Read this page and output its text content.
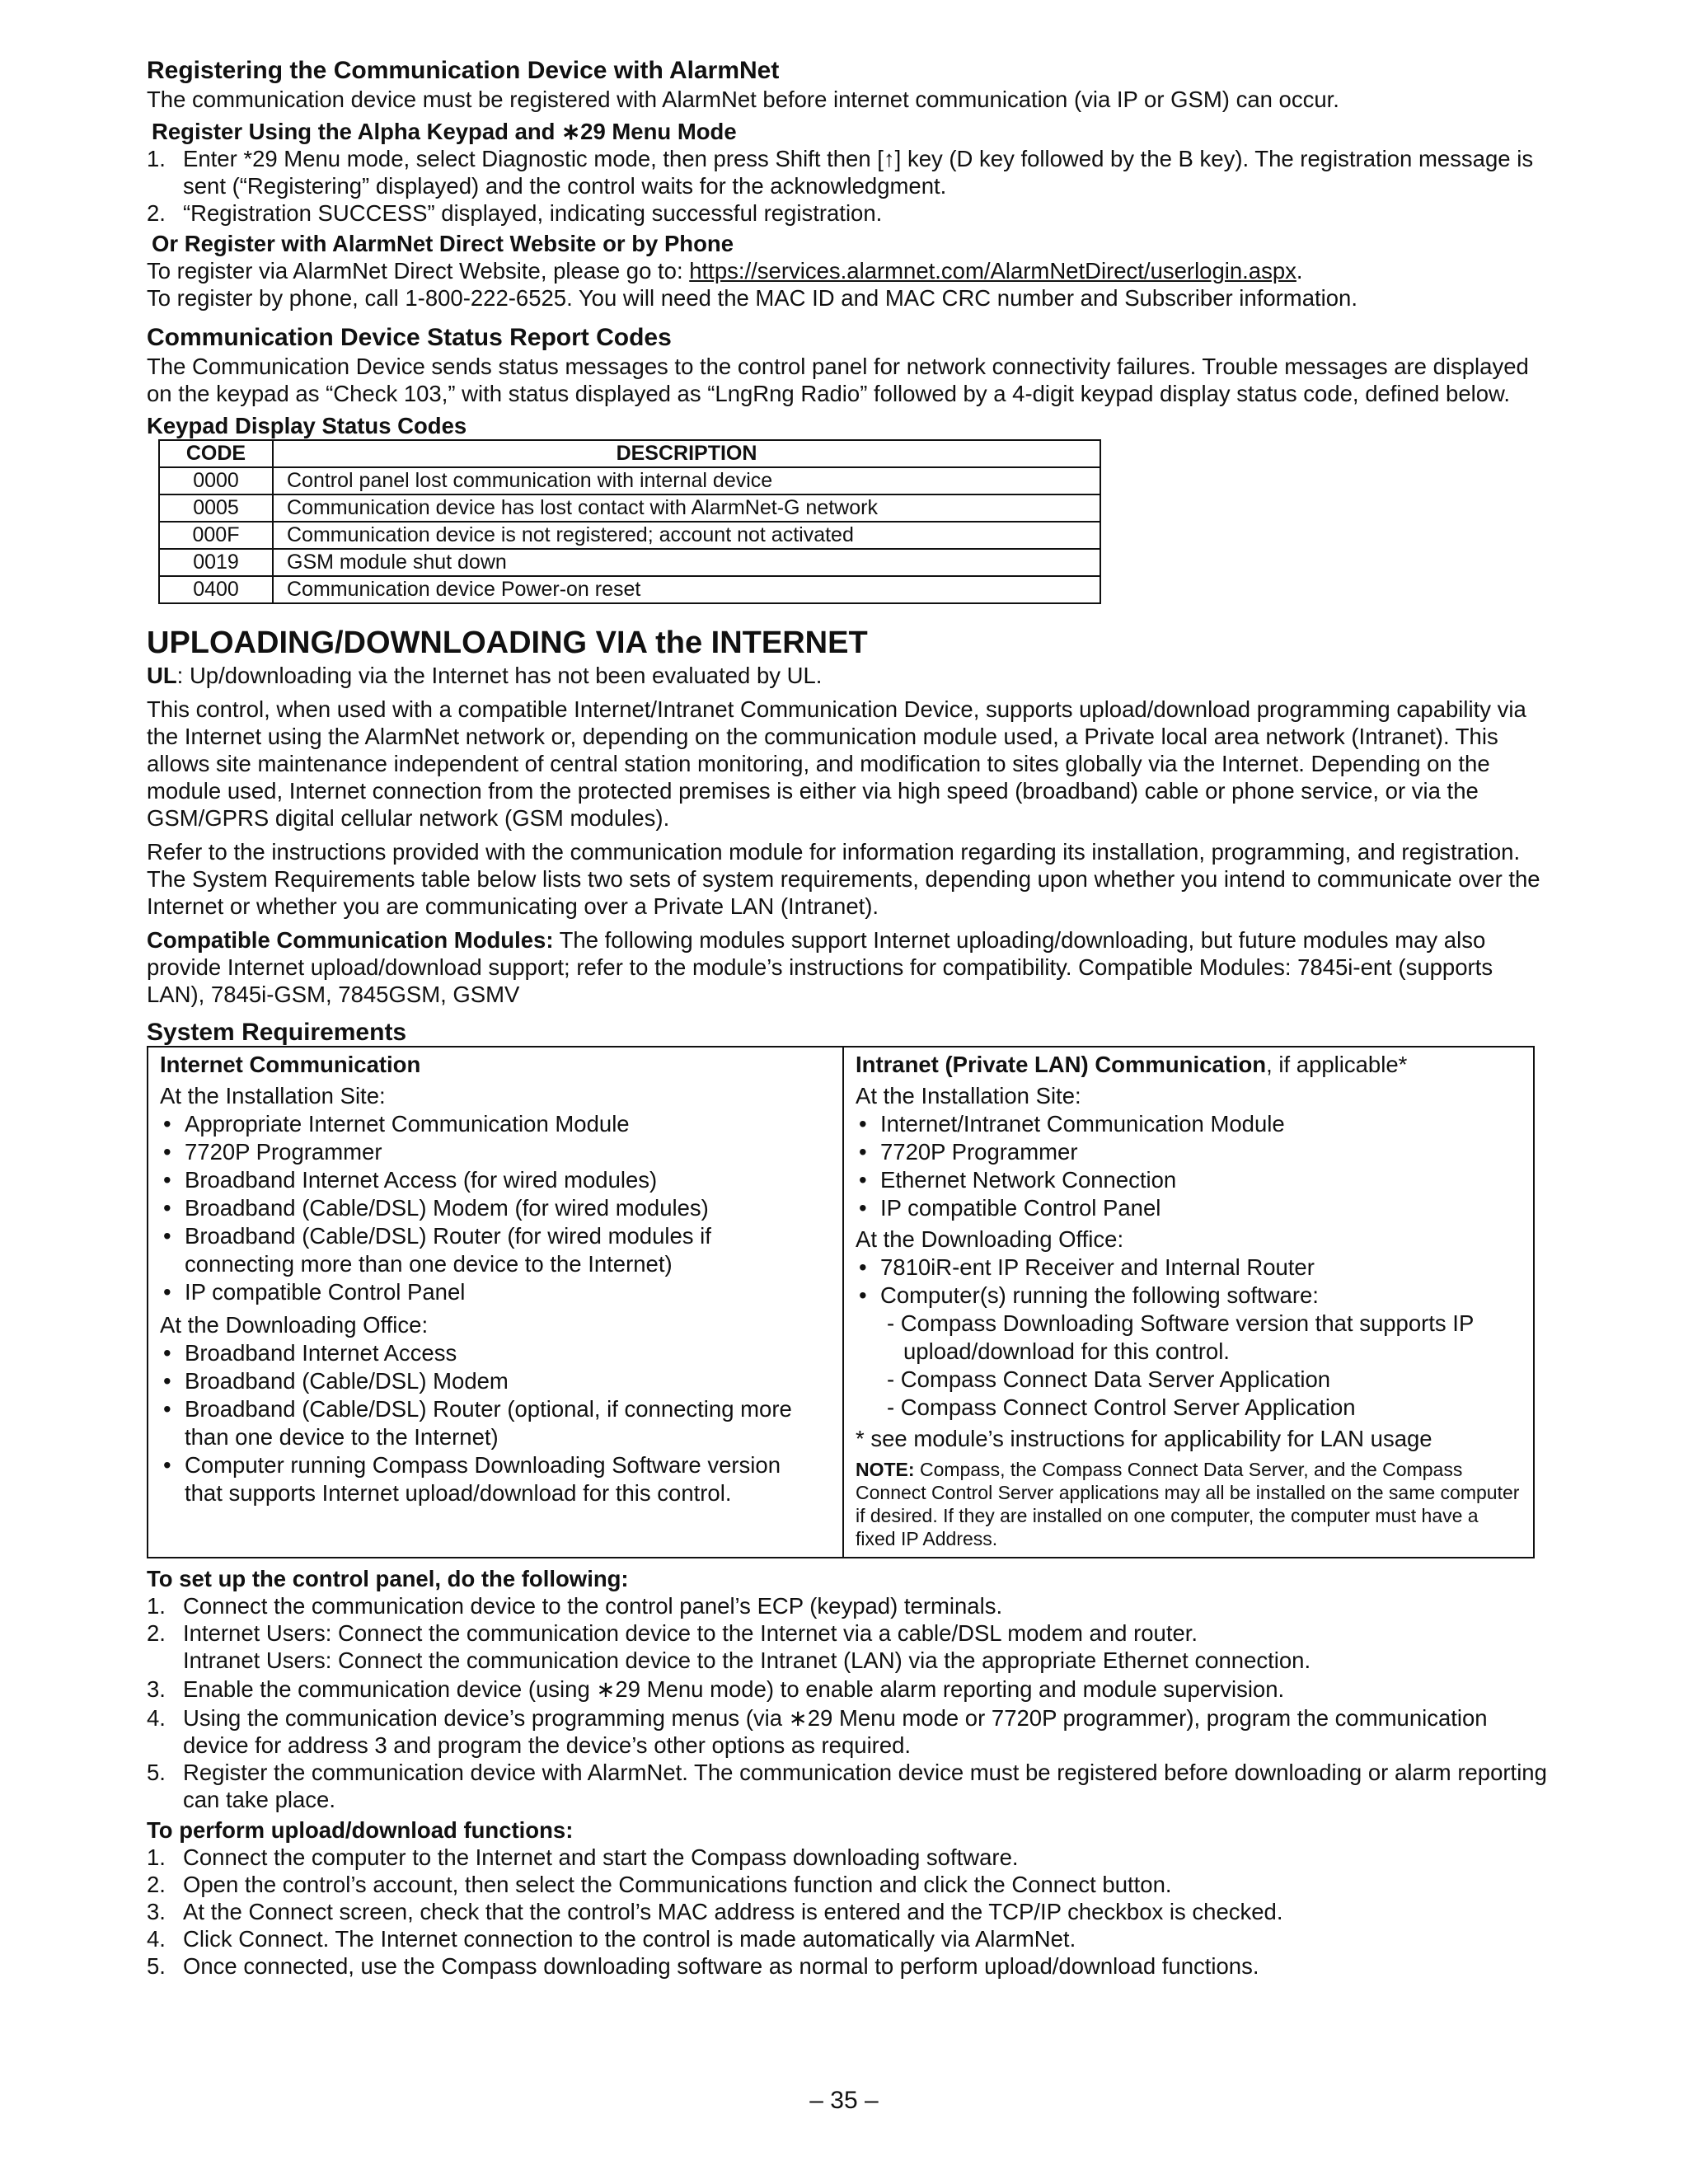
Registering the Communication Device with AlarmNet

The communication device must be registered with AlarmNet before internet communication (via IP or GSM) can occur.

Register Using the Alpha Keypad and ∗29 Menu Mode
1. Enter *29 Menu mode, select Diagnostic mode, then press Shift then [↑] key (D key followed by the B key). The registration message is sent (“Registering” displayed) and the control waits for the acknowledgment.
2. “Registration SUCCESS” displayed, indicating successful registration.
Or Register with AlarmNet Direct Website or by Phone

To register via AlarmNet Direct Website, please go to: https://services.alarmnet.com/AlarmNetDirect/userlogin.aspx.

To register by phone, call 1-800-222-6525. You will need the MAC ID and MAC CRC number and Subscriber information.

Communication Device Status Report Codes

The Communication Device sends status messages to the control panel for network connectivity failures. Trouble messages are displayed on the keypad as “Check 103,” with status displayed as “LngRng Radio” followed by a 4-digit keypad display status code, defined below.

Keypad Display Status Codes
CODE	DESCRIPTION
0000	Control panel lost communication with internal device
0005	Communication device has lost contact with AlarmNet-G network
000F	Communication device is not registered; account not activated
0019	GSM module shut down
0400	Communication device Power-on reset
UPLOADING/DOWNLOADING VIA the INTERNET

UL: Up/downloading via the Internet has not been evaluated by UL.

This control, when used with a compatible Internet/Intranet Communication Device, supports upload/download programming capability via the Internet using the AlarmNet network or, depending on the communication module used, a Private local area network (Intranet). This allows site maintenance independent of central station monitoring, and modification to sites globally via the Internet. Depending on the module used, Internet connection from the protected premises is either via high speed (broadband) cable or phone service, or via the GSM/GPRS digital cellular network (GSM modules).

Refer to the instructions provided with the communication module for information regarding its installation, programming, and registration. The System Requirements table below lists two sets of system requirements, depending upon whether you intend to communicate over the Internet or whether you are communicating over a Private LAN (Intranet).

Compatible Communication Modules: The following modules support Internet uploading/downloading, but future modules may also provide Internet upload/download support; refer to the module’s instructions for compatibility. Compatible Modules: 7845i-ent (supports LAN), 7845i-GSM, 7845GSM, GSMV

System Requirements
Internet Communication
At the Installation Site:
• Appropriate Internet Communication Module
• 7720P Programmer
• Broadband Internet Access (for wired modules)
• Broadband (Cable/DSL) Modem (for wired modules)
• Broadband (Cable/DSL) Router (for wired modules if connecting more than one device to the Internet)
• IP compatible Control Panel
At the Downloading Office:
• Broadband Internet Access
• Broadband (Cable/DSL) Modem
• Broadband (Cable/DSL) Router (optional, if connecting more than one device to the Internet)
• Computer running Compass Downloading Software version that supports Internet upload/download for this control.
Intranet (Private LAN) Communication, if applicable*
At the Installation Site:
• Internet/Intranet Communication Module
• 7720P Programmer
• Ethernet Network Connection
• IP compatible Control Panel
At the Downloading Office:
• 7810iR-ent IP Receiver and Internal Router
• Computer(s) running the following software:
- Compass Downloading Software version that supports IP upload/download for this control.
- Compass Connect Data Server Application
- Compass Connect Control Server Application
* see module’s instructions for applicability for LAN usage
NOTE: Compass, the Compass Connect Data Server, and the Compass Connect Control Server applications may all be installed on the same computer if desired. If they are installed on one computer, the computer must have a fixed IP Address.
To set up the control panel, do the following:
1. Connect the communication device to the control panel’s ECP (keypad) terminals.
2. Internet Users: Connect the communication device to the Internet via a cable/DSL modem and router.
Intranet Users: Connect the communication device to the Intranet (LAN) via the appropriate Ethernet connection.
3. Enable the communication device (using ∗29 Menu mode) to enable alarm reporting and module supervision.
4. Using the communication device’s programming menus (via ∗29 Menu mode or 7720P programmer), program the communication device for address 3 and program the device’s other options as required.
5. Register the communication device with AlarmNet. The communication device must be registered before downloading or alarm reporting can take place.
To perform upload/download functions:
1. Connect the computer to the Internet and start the Compass downloading software.
2. Open the control’s account, then select the Communications function and click the Connect button.
3. At the Connect screen, check that the control’s MAC address is entered and the TCP/IP checkbox is checked.
4. Click Connect. The Internet connection to the control is made automatically via AlarmNet.
5. Once connected, use the Compass downloading software as normal to perform upload/download functions.
– 35 –
